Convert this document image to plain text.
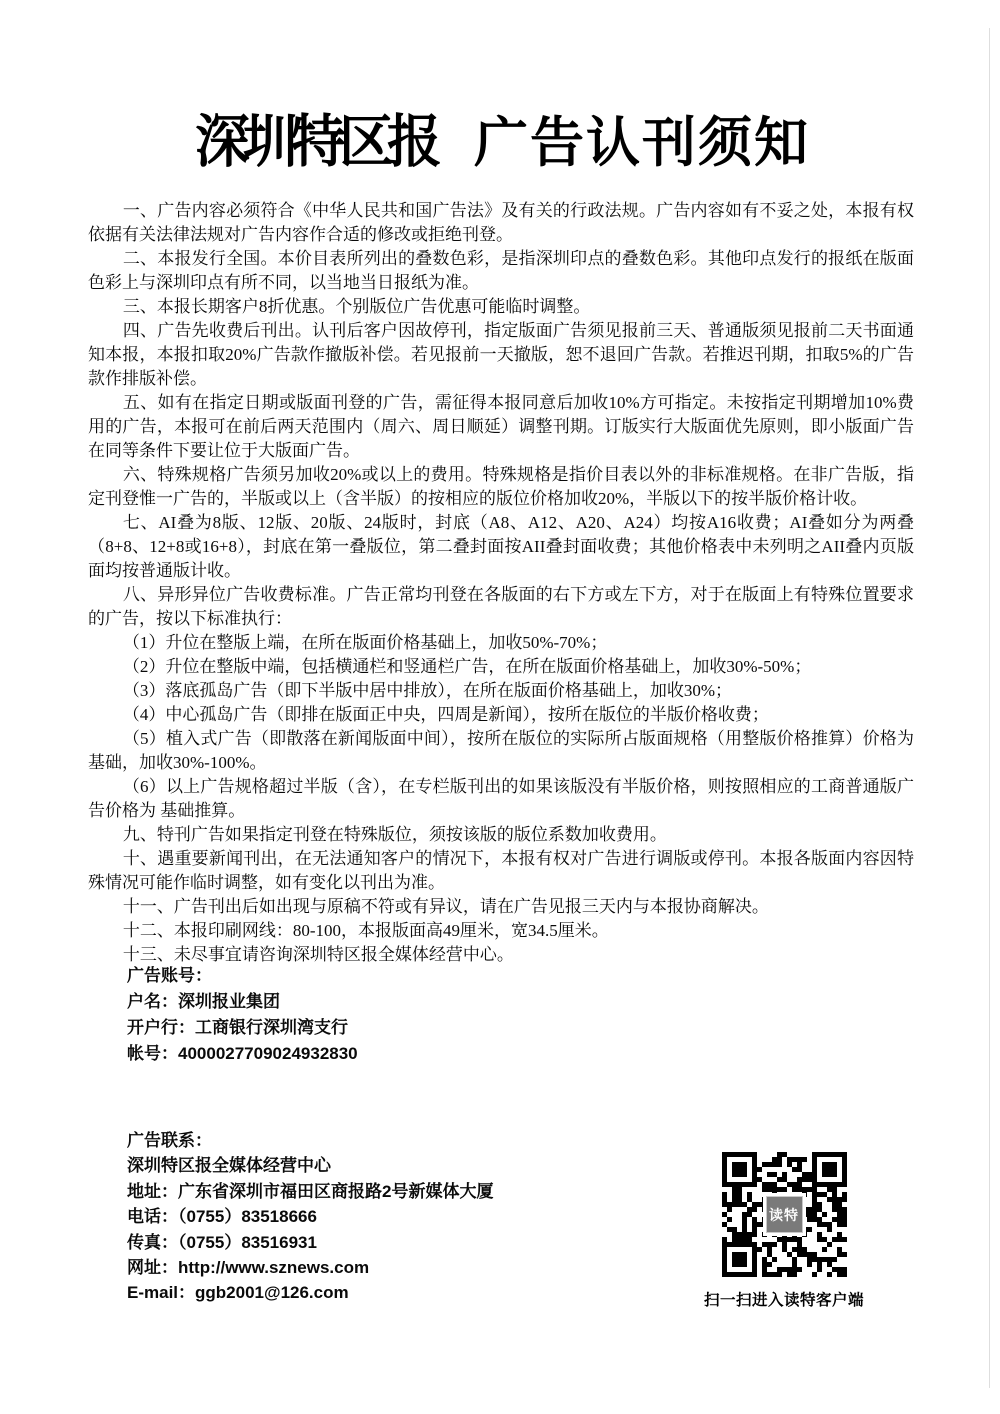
深圳特区报 广告认刊须知

一、广告内容必须符合《中华人民共和国广告法》及有关的行政法规。广告内容如有不妥之处，本报有权依据有关法律法规对广告内容作合适的修改或拒绝刊登。

二、本报发行全国。本价目表所列出的叠数色彩，是指深圳印点的叠数色彩。其他印点发行的报纸在版面色彩上与深圳印点有所不同，以当地当日报纸为准。

三、本报长期客户8折优惠。个别版位广告优惠可能临时调整。

四、广告先收费后刊出。认刊后客户因故停刊，指定版面广告须见报前三天、普通版须见报前二天书面通知本报，本报扣取20%广告款作撤版补偿。若见报前一天撤版，恕不退回广告款。若推迟刊期，扣取5%的广告款作排版补偿。

五、如有在指定日期或版面刊登的广告，需征得本报同意后加收10%方可指定。未按指定刊期增加10%费用的广告，本报可在前后两天范围内（周六、周日顺延）调整刊期。订版实行大版面优先原则，即小版面广告在同等条件下要让位于大版面广告。

六、特殊规格广告须另加收20%或以上的费用。特殊规格是指价目表以外的非标准规格。在非广告版，指定刊登惟一广告的，半版或以上（含半版）的按相应的版位价格加收20%，半版以下的按半版价格计收。

七、AI叠为8版、12版、20版、24版时，封底（A8、A12、A20、A24）均按A16收费；AI叠如分为两叠（8+8、12+8或16+8），封底在第一叠版位，第二叠封面按AII叠封面收费；其他价格表中未列明之AII叠内页版面均按普通版计收。

八、异形异位广告收费标准。广告正常均刊登在各版面的右下方或左下方，对于在版面上有特殊位置要求的广告，按以下标准执行：

（1）升位在整版上端，在所在版面价格基础上，加收50%-70%；

（2）升位在整版中端，包括横通栏和竖通栏广告，在所在版面价格基础上，加收30%-50%；

（3）落底孤岛广告（即下半版中居中排放），在所在版面价格基础上，加收30%；

（4）中心孤岛广告（即排在版面正中央，四周是新闻），按所在版位的半版价格收费；

（5）植入式广告（即散落在新闻版面中间），按所在版位的实际所占版面规格（用整版价格推算）价格为基础，加收30%-100%。

（6）以上广告规格超过半版（含），在专栏版刊出的如果该版没有半版价格，则按照相应的工商普通版广告价格为 基础推算。

九、特刊广告如果指定刊登在特殊版位，须按该版的版位系数加收费用。

十、遇重要新闻刊出，在无法通知客户的情况下，本报有权对广告进行调版或停刊。本报各版面内容因特殊情况可能作临时调整，如有变化以刊出为准。

十一、广告刊出后如出现与原稿不符或有异议，请在广告见报三天内与本报协商解决。

十二、本报印刷网线：80-100，本报版面高49厘米，宽34.5厘米。

十三、未尽事宜请咨询深圳特区报全媒体经营中心。

广告账号：

户名：深圳报业集团

开户行：工商银行深圳湾支行

帐号：4000027709024932830

广告联系：

深圳特区报全媒体经营中心

地址：广东省深圳市福田区商报路2号新媒体大厦

电话：（0755）83518666

传真：（0755）83516931

网址：http://www.sznews.com

E-mail：ggb2001@126.com

读特

扫一扫进入读特客户端
